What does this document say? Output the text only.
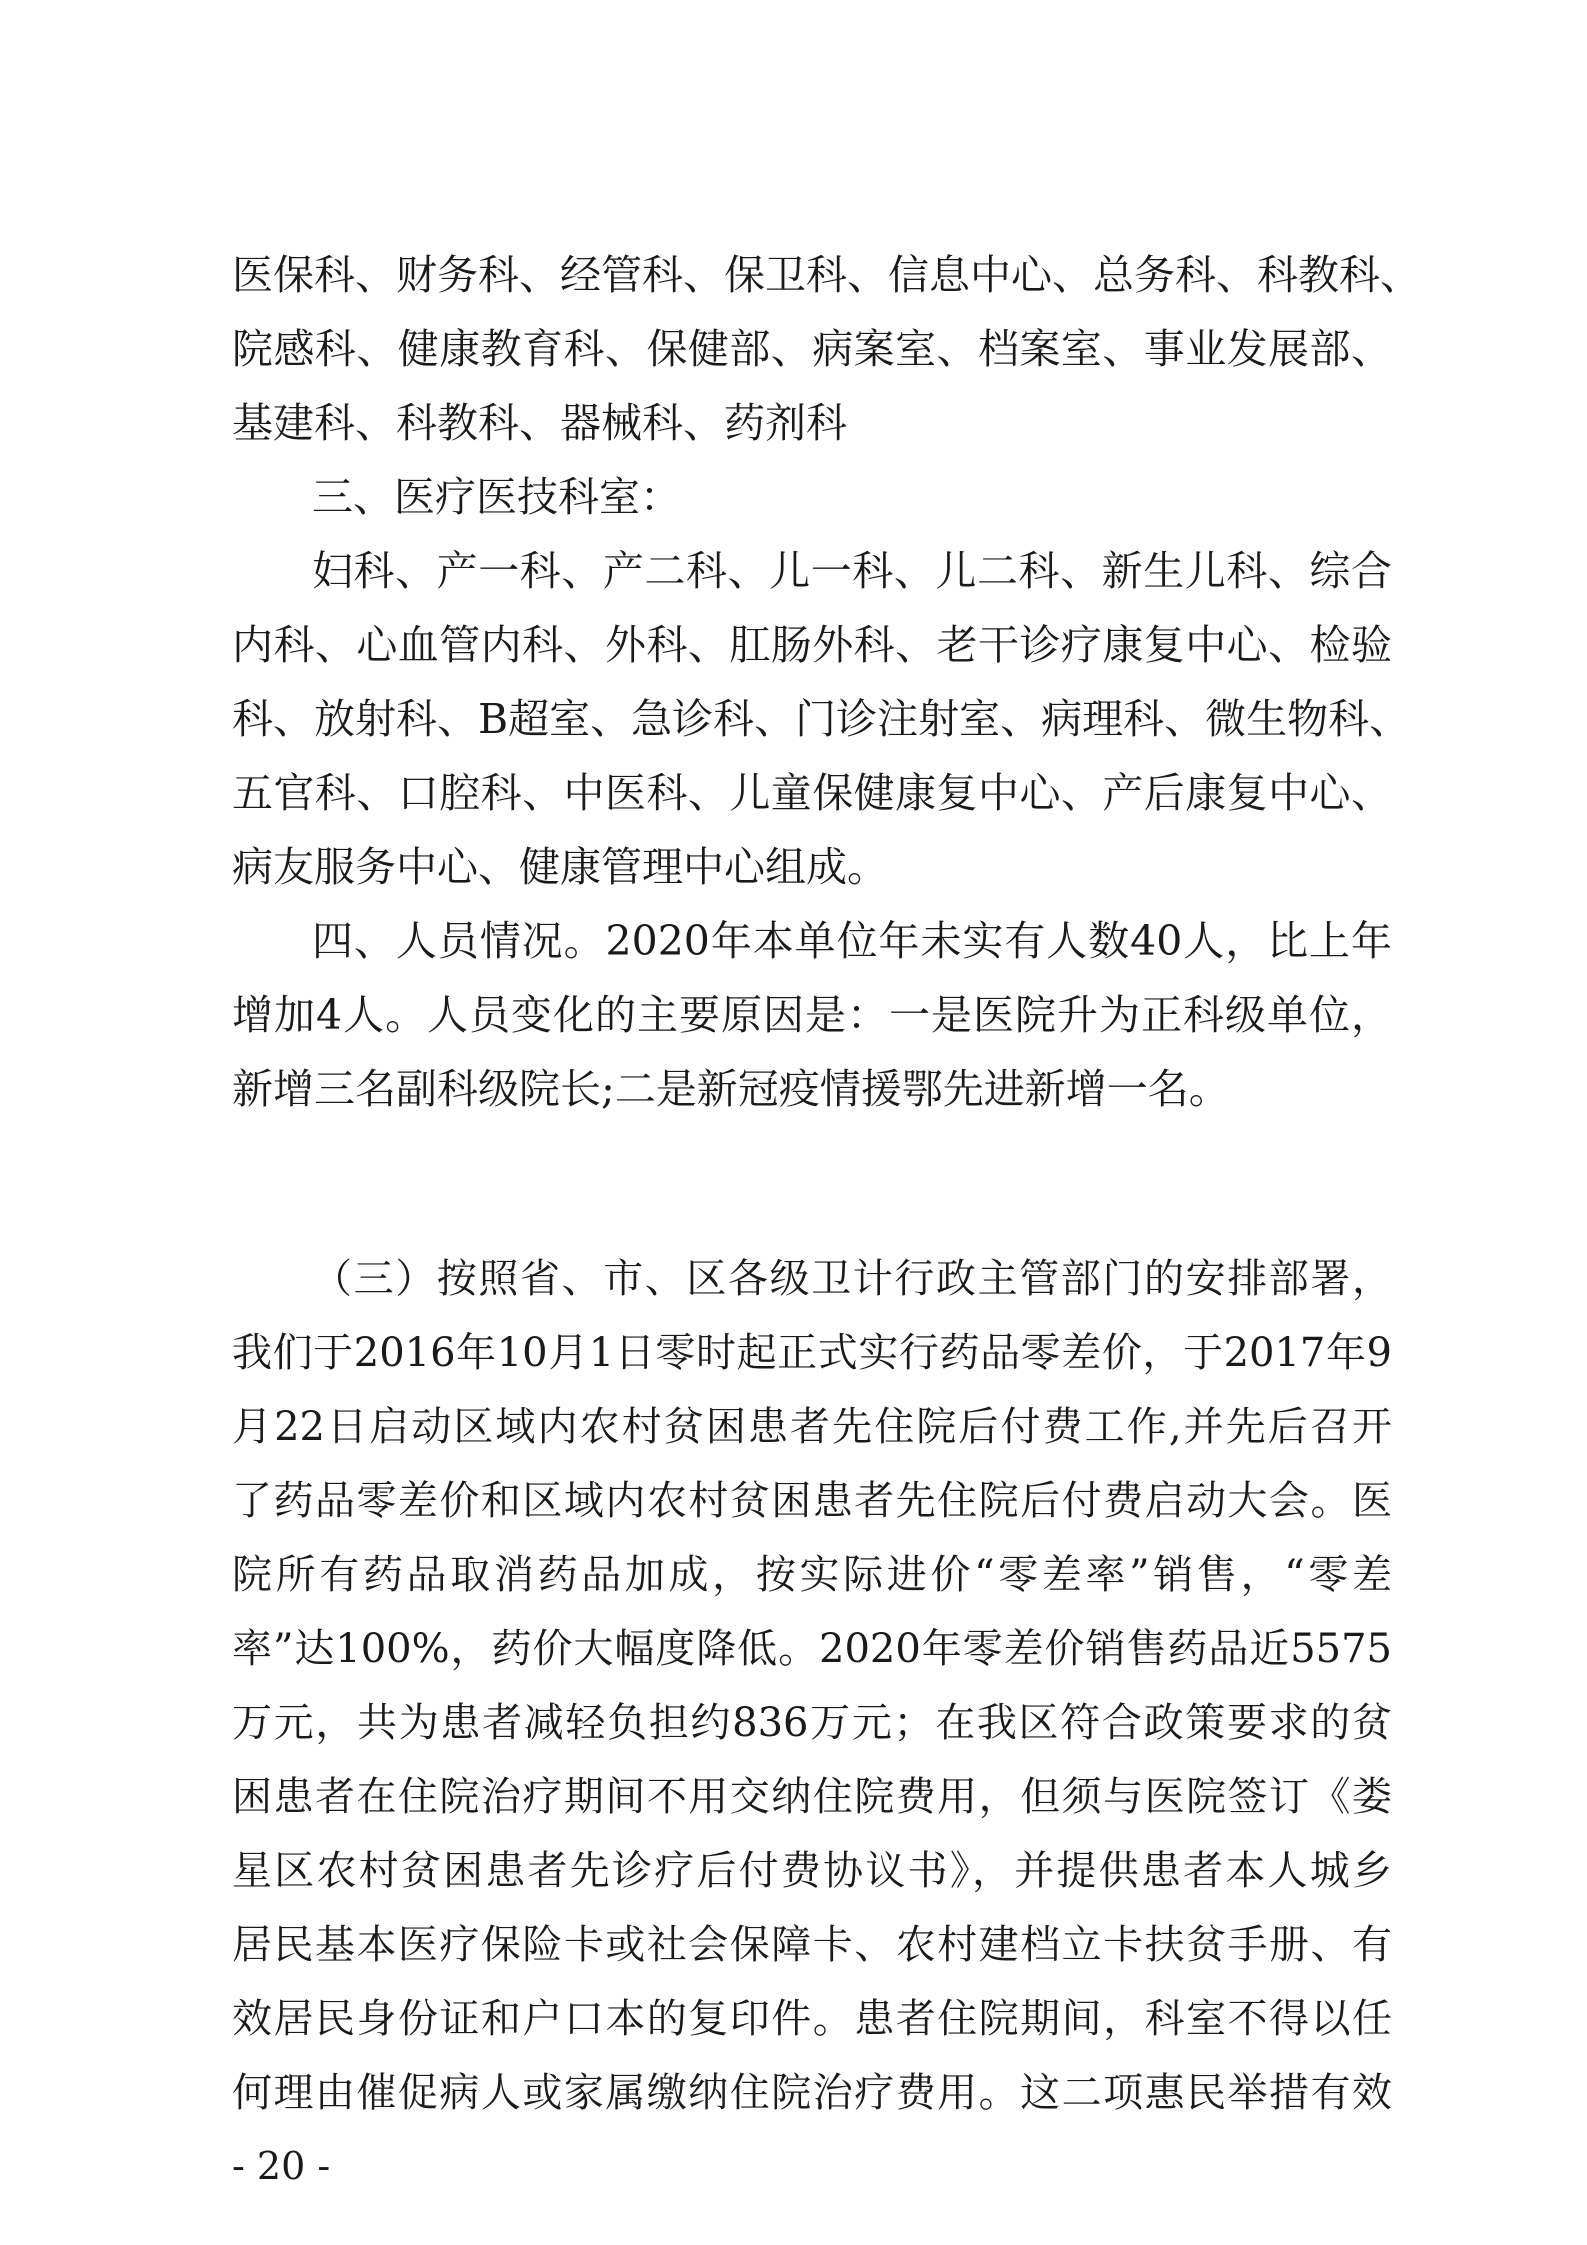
医保科、财务科、经管科、保卫科、信息中心、总务科、科教科、
院感科、健康教育科、保健部、病案室、档案室、事业发展部、
基建科、科教科、器械科、药剂科
三、医疗医技科室：
妇科、产一科、产二科、儿一科、儿二科、新生儿科、综合
内科、心血管内科、外科、肛肠外科、老干诊疗康复中心、检验
科、放射科、B超室、急诊科、门诊注射室、病理科、微生物科、
五官科、口腔科、中医科、儿童保健康复中心、产后康复中心、
病友服务中心、健康管理中心组成。
四、人员情况。2020年本单位年未实有人数40人，比上年
增加4人。人员变化的主要原因是：一是医院升为正科级单位，
新增三名副科级院长;二是新冠疫情援鄂先进新增一名。
（三）按照省、市、区各级卫计行政主管部门的安排部署，
我们于2016年10月1日零时起正式实行药品零差价，于2017年9
月22日启动区域内农村贫困患者先住院后付费工作,并先后召开
了药品零差价和区域内农村贫困患者先住院后付费启动大会。医
院所有药品取消药品加成，按实际进价“零差率”销售，“零差
率”达100%，药价大幅度降低。2020年零差价销售药品近5575
万元，共为患者减轻负担约836万元；在我区符合政策要求的贫
困患者在住院治疗期间不用交纳住院费用，但须与医院签订《娄
星区农村贫困患者先诊疗后付费协议书》，并提供患者本人城乡
居民基本医疗保险卡或社会保障卡、农村建档立卡扶贫手册、有
效居民身份证和户口本的复印件。患者住院期间，科室不得以任
何理由催促病人或家属缴纳住院治疗费用。这二项惠民举措有效
- 20 -
